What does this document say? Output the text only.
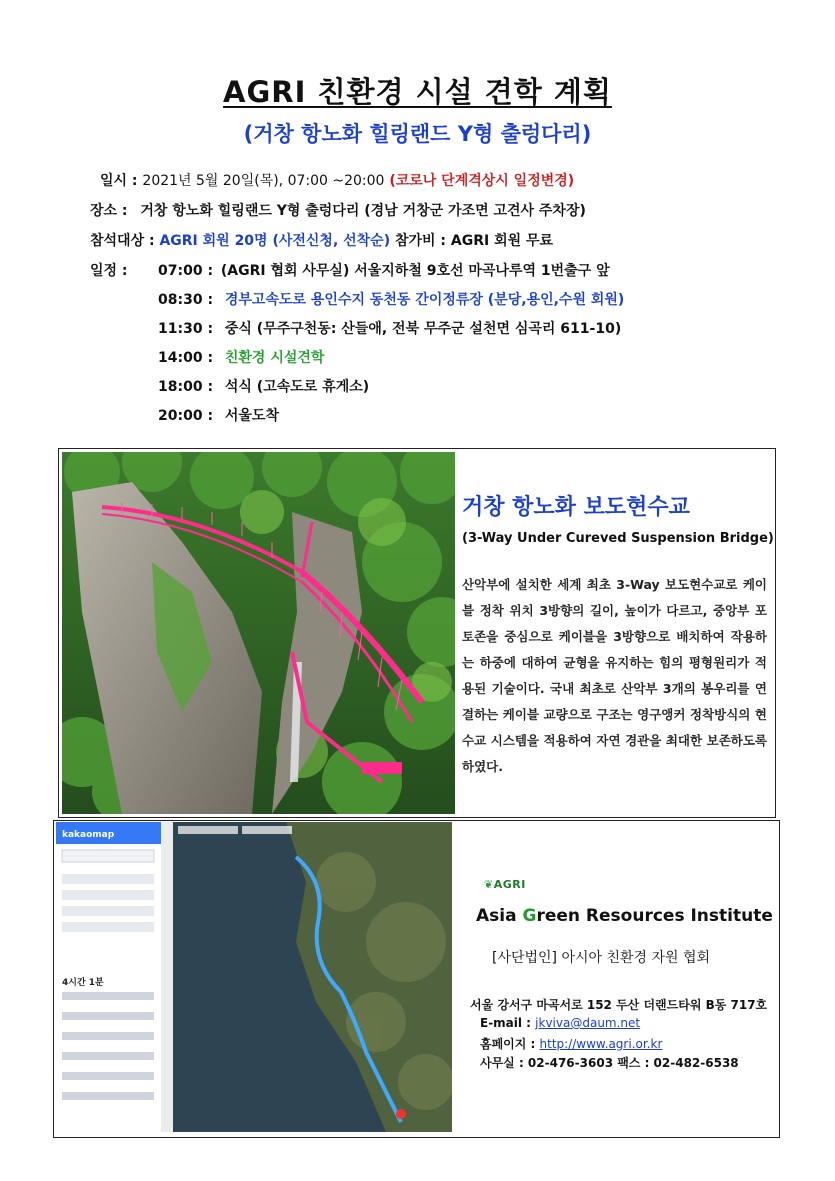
AGRI 친환경 시설 견학 계획
(거창 항노화 힐링랜드 Y형 출렁다리)
일시 : 2021년 5월 20일(목), 07:00 ~20:00 (코로나 단계격상시 일정변경)
장소 : 거창 항노화 힐링랜드 Y형 출렁다리 (경남 거창군 가조면 고견사 주차장)
참석대상 : AGRI 회원 20명 (사전신청, 선착순) 참가비 : AGRI 회원 무료
일정 : 07:00 : (AGRI 협회 사무실) 서울지하철 9호선 마곡나루역 1번출구 앞
08:30 : 경부고속도로 용인수지 동천동 간이정류장 (분당,용인,수원 회원)
11:30 : 중식 (무주구천동: 산들애, 전북 무주군 설천면 심곡리 611-10)
14:00 : 친환경 시설견학
18:00 : 석식 (고속도로 휴게소)
20:00 : 서울도착
거창 항노화 보도현수교
(3-Way Under Cureved Suspension Bridge)
산악부에 설치한 세계 최초 3-Way 보도현수교로 케이블 정착 위치 3방향의 길이, 높이가 다르고, 중앙부 포토존을 중심으로 케이블을 3방향으로 배치하여 작용하는 하중에 대하여 균형을 유지하는 힘의 평형원리가 적용된 기술이다. 국내 최초로 산악부 3개의 봉우리를 연결하는 케이블 교량으로 구조는 영구앵커 정착방식의 현수교 시스템을 적용하여 자연 경관을 최대한 보존하도록 하였다.
kakaomap
4시간 1분
❦AGRI
Asia Green Resources Institute
[사단법인] 아시아 친환경 자원 협회
서울 강서구 마곡서로 152 두산 더랜드타워 B동 717호
E-mail : jkviva@daum.net
홈페이지 : http://www.agri.or.kr
사무실 : 02-476-3603 팩스 : 02-482-6538
